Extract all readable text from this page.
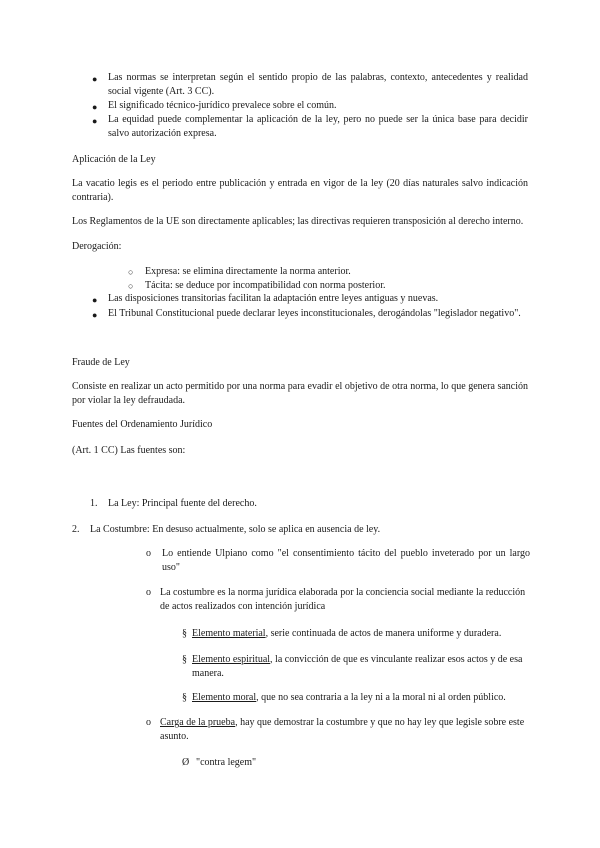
● Las normas se interpretan según el sentido propio de las palabras, contexto, antecedentes y realidad social vigente (Art. 3 CC).
● El significado técnico-jurídico prevalece sobre el común.
● La equidad puede complementar la aplicación de la ley, pero no puede ser la única base para decidir salvo autorización expresa.
Aplicación de la Ley
La vacatio legis es el periodo entre publicación y entrada en vigor de la ley (20 días naturales salvo indicación contraria).
Los Reglamentos de la UE son directamente aplicables; las directivas requieren transposición al derecho interno.
Derogación:
○ Expresa: se elimina directamente la norma anterior.
○ Tácita: se deduce por incompatibilidad con norma posterior.
● Las disposiciones transitorias facilitan la adaptación entre leyes antiguas y nuevas.
● El Tribunal Constitucional puede declarar leyes inconstitucionales, derogándolas "legislador negativo".
Fraude de Ley
Consiste en realizar un acto permitido por una norma para evadir el objetivo de otra norma, lo que genera sanción por violar la ley defraudada.
Fuentes del Ordenamiento Jurídico
(Art. 1 CC) Las fuentes son:
1. La Ley: Principal fuente del derecho.
2. La Costumbre: En desuso actualmente, solo se aplica en ausencia de ley.
o Lo entiende Ulpiano como "el consentimiento tácito del pueblo inveterado por un largo uso"
o La costumbre es la norma jurídica elaborada por la conciencia social mediante la reducción de actos realizados con intención jurídica
§ Elemento material, serie continuada de actos de manera uniforme y duradera.
§ Elemento espiritual, la convicción de que es vinculante realizar esos actos y de esa manera.
§ Elemento moral, que no sea contraria a la ley ni a la moral ni al orden público.
o Carga de la prueba, hay que demostrar la costumbre y que no hay ley que legisle sobre este asunto.
Ø "contra legem"
